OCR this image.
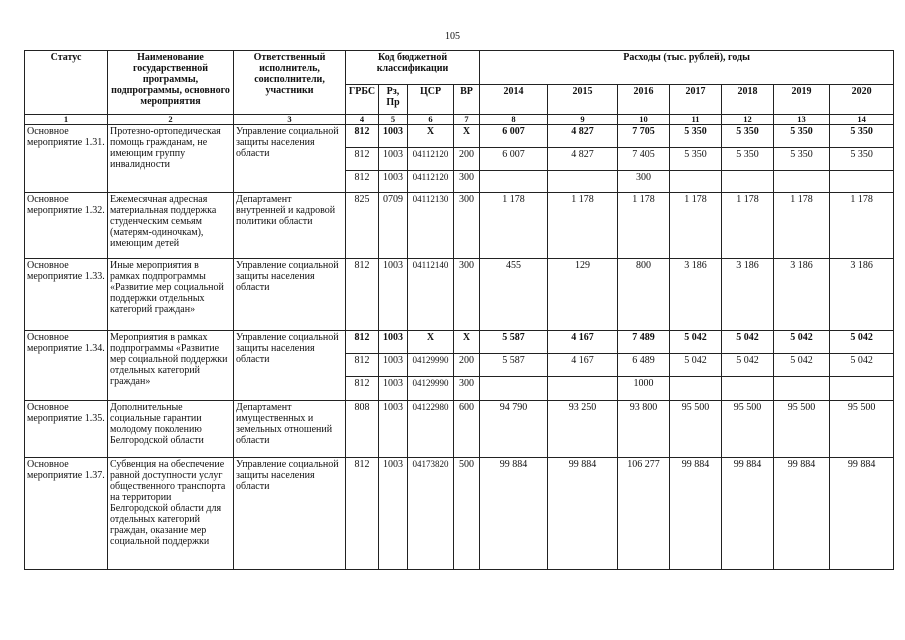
105
Статус	Наименование государственной программы, подпрограммы, основного мероприятия	Ответственный исполнитель, соисполнители, участники	Код бюджетной классификации				Расходы (тыс. рублей), годы						
			ГРБС	Рз, Пр	ЦСР	ВР	2014	2015	2016	2017	2018	2019	2020
1	2	3	4	5	6	7	8	9	10	11	12	13	14
Основное мероприятие 1.31.	Протезно-ортопедическая помощь гражданам, не имеющим группу инвалидности	Управление социальной защиты населения области	812	1003	X	X	6 007	4 827	7 705	5 350	5 350	5 350	5 350
			812	1003	04112120	200	6 007	4 827	7 405	5 350	5 350	5 350	5 350
			812	1003	04112120	300			300				
Основное мероприятие 1.32.	Ежемесячная адресная материальная поддержка студенческим семьям (матерям-одиночкам), имеющим детей	Департамент внутренней и кадровой политики области	825	0709	04112130	300	1 178	1 178	1 178	1 178	1 178	1 178	1 178
Основное мероприятие 1.33.	Иные мероприятия в рамках подпрограммы «Развитие мер социальной поддержки отдельных категорий граждан»	Управление социальной защиты населения области	812	1003	04112140	300	455	129	800	3 186	3 186	3 186	3 186
Основное мероприятие 1.34.	Мероприятия в рамках подпрограммы «Развитие мер социальной поддержки отдельных категорий граждан»	Управление социальной защиты населения области	812	1003	X	X	5 587	4 167	7 489	5 042	5 042	5 042	5 042
			812	1003	04129990	200	5 587	4 167	6 489	5 042	5 042	5 042	5 042
			812	1003	04129990	300			1000				
Основное мероприятие 1.35.	Дополнительные социальные гарантии молодому поколению Белгородской области	Департамент имущественных и земельных отношений области	808	1003	04122980	600	94 790	93 250	93 800	95 500	95 500	95 500	95 500
Основное мероприятие 1.37.	Субвенция на обеспечение равной доступности услуг общественного транспорта на территории Белгородской области для отдельных категорий граждан, оказание мер социальной поддержки	Управление социальной защиты населения области	812	1003	04173820	500	99 884	99 884	106 277	99 884	99 884	99 884	99 884
